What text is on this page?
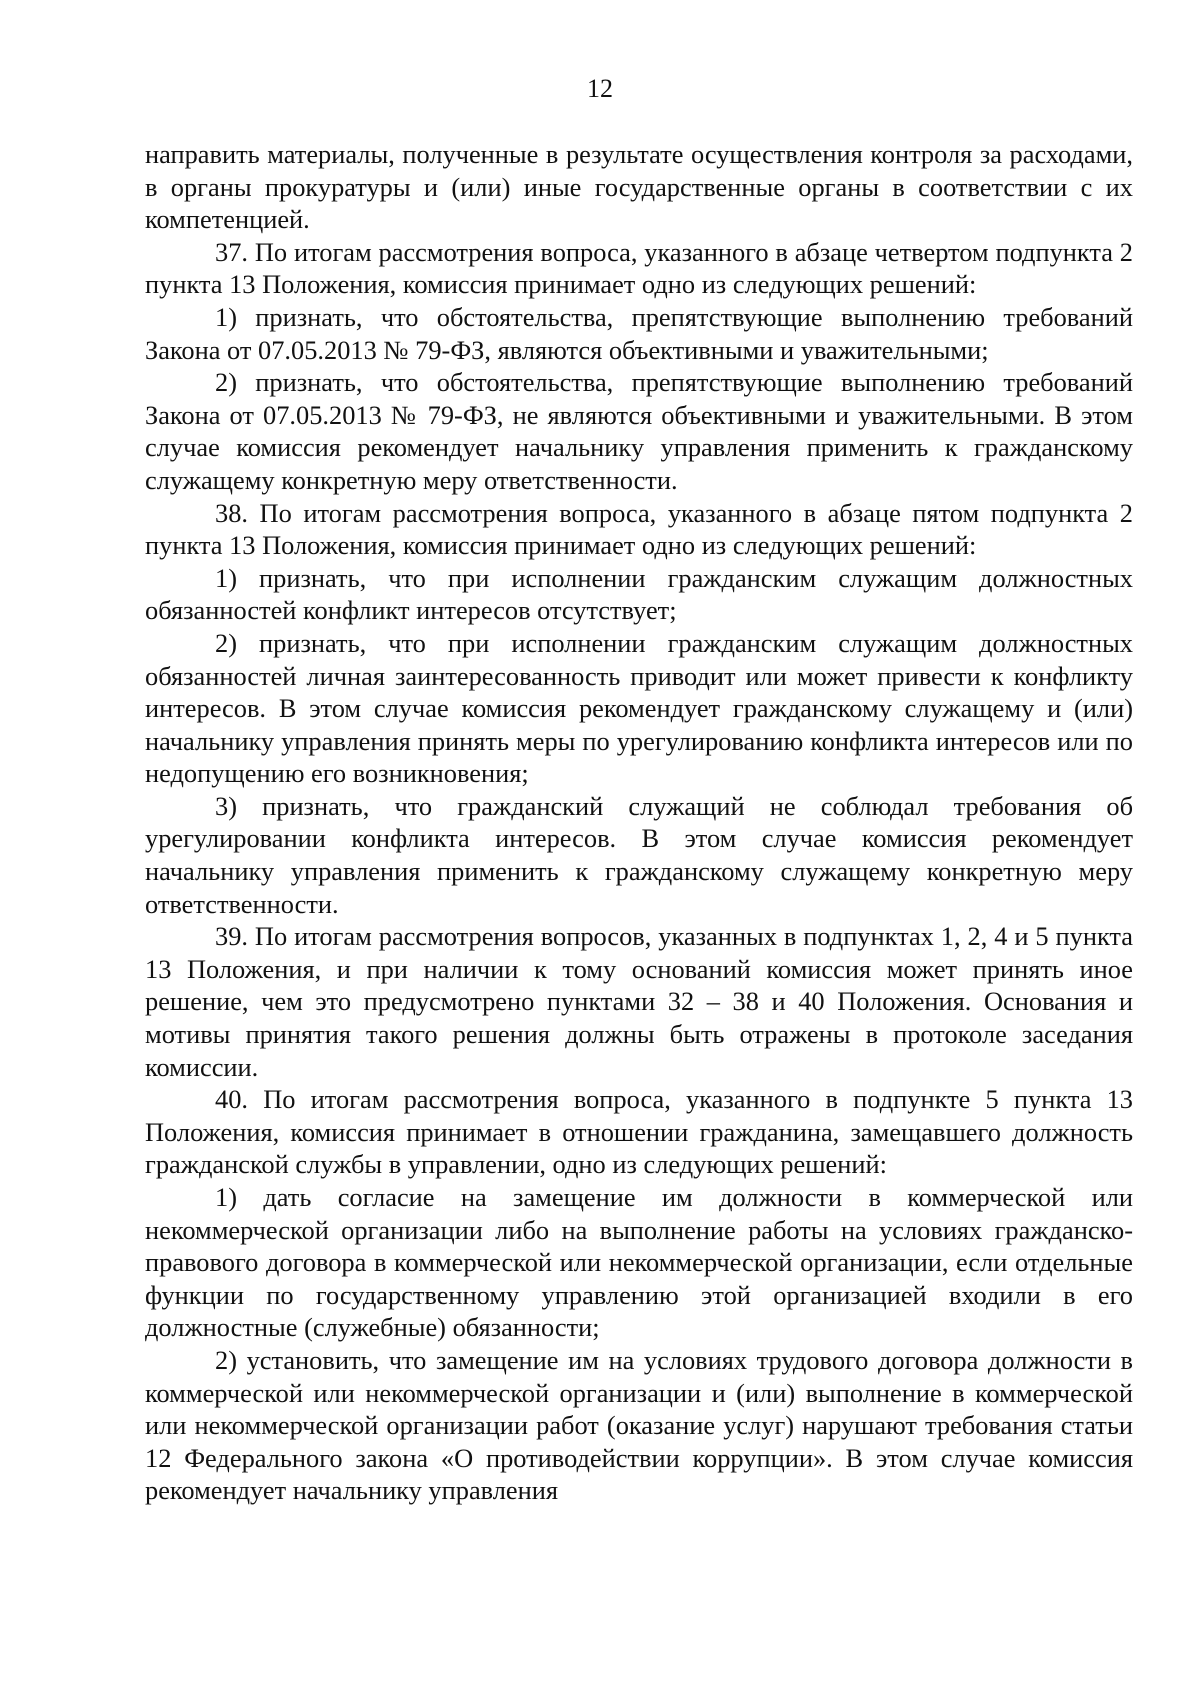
12

направить материалы, полученные в результате осуществления контроля за расходами, в органы прокуратуры и (или) иные государственные органы в соответствии с их компетенцией.

37. По итогам рассмотрения вопроса, указанного в абзаце четвертом подпункта 2 пункта 13 Положения, комиссия принимает одно из следующих решений:

1) признать, что обстоятельства, препятствующие выполнению требований Закона от 07.05.2013 № 79-ФЗ, являются объективными и уважительными;

2) признать, что обстоятельства, препятствующие выполнению требований Закона от 07.05.2013 № 79-ФЗ, не являются объективными и уважительными. В этом случае комиссия рекомендует начальнику управления применить к гражданскому служащему конкретную меру ответственности.

38. По итогам рассмотрения вопроса, указанного в абзаце пятом подпункта 2 пункта 13 Положения, комиссия принимает одно из следующих решений:

1) признать, что при исполнении гражданским служащим должностных обязанностей конфликт интересов отсутствует;

2) признать, что при исполнении гражданским служащим должностных обязанностей личная заинтересованность приводит или может привести к конфликту интересов. В этом случае комиссия рекомендует гражданскому служащему и (или) начальнику управления принять меры по урегулированию конфликта интересов или по недопущению его возникновения;

3) признать, что гражданский служащий не соблюдал требования об урегулировании конфликта интересов. В этом случае комиссия рекомендует начальнику управления применить к гражданскому служащему конкретную меру ответственности.

39. По итогам рассмотрения вопросов, указанных в подпунктах 1, 2, 4 и 5 пункта 13 Положения, и при наличии к тому оснований комиссия может принять иное решение, чем это предусмотрено пунктами 32 – 38 и 40 Положения. Основания и мотивы принятия такого решения должны быть отражены в протоколе заседания комиссии.

40. По итогам рассмотрения вопроса, указанного в подпункте 5 пункта 13 Положения, комиссия принимает в отношении гражданина, замещавшего должность гражданской службы в управлении, одно из следующих решений:

1) дать согласие на замещение им должности в коммерческой или некоммерческой организации либо на выполнение работы на условиях гражданско-правового договора в коммерческой или некоммерческой организации, если отдельные функции по государственному управлению этой организацией входили в его должностные (служебные) обязанности;

2) установить, что замещение им на условиях трудового договора должности в коммерческой или некоммерческой организации и (или) выполнение в коммерческой или некоммерческой организации работ (оказание услуг) нарушают требования статьи 12 Федерального закона «О противодействии коррупции». В этом случае комиссия рекомендует начальнику управления
